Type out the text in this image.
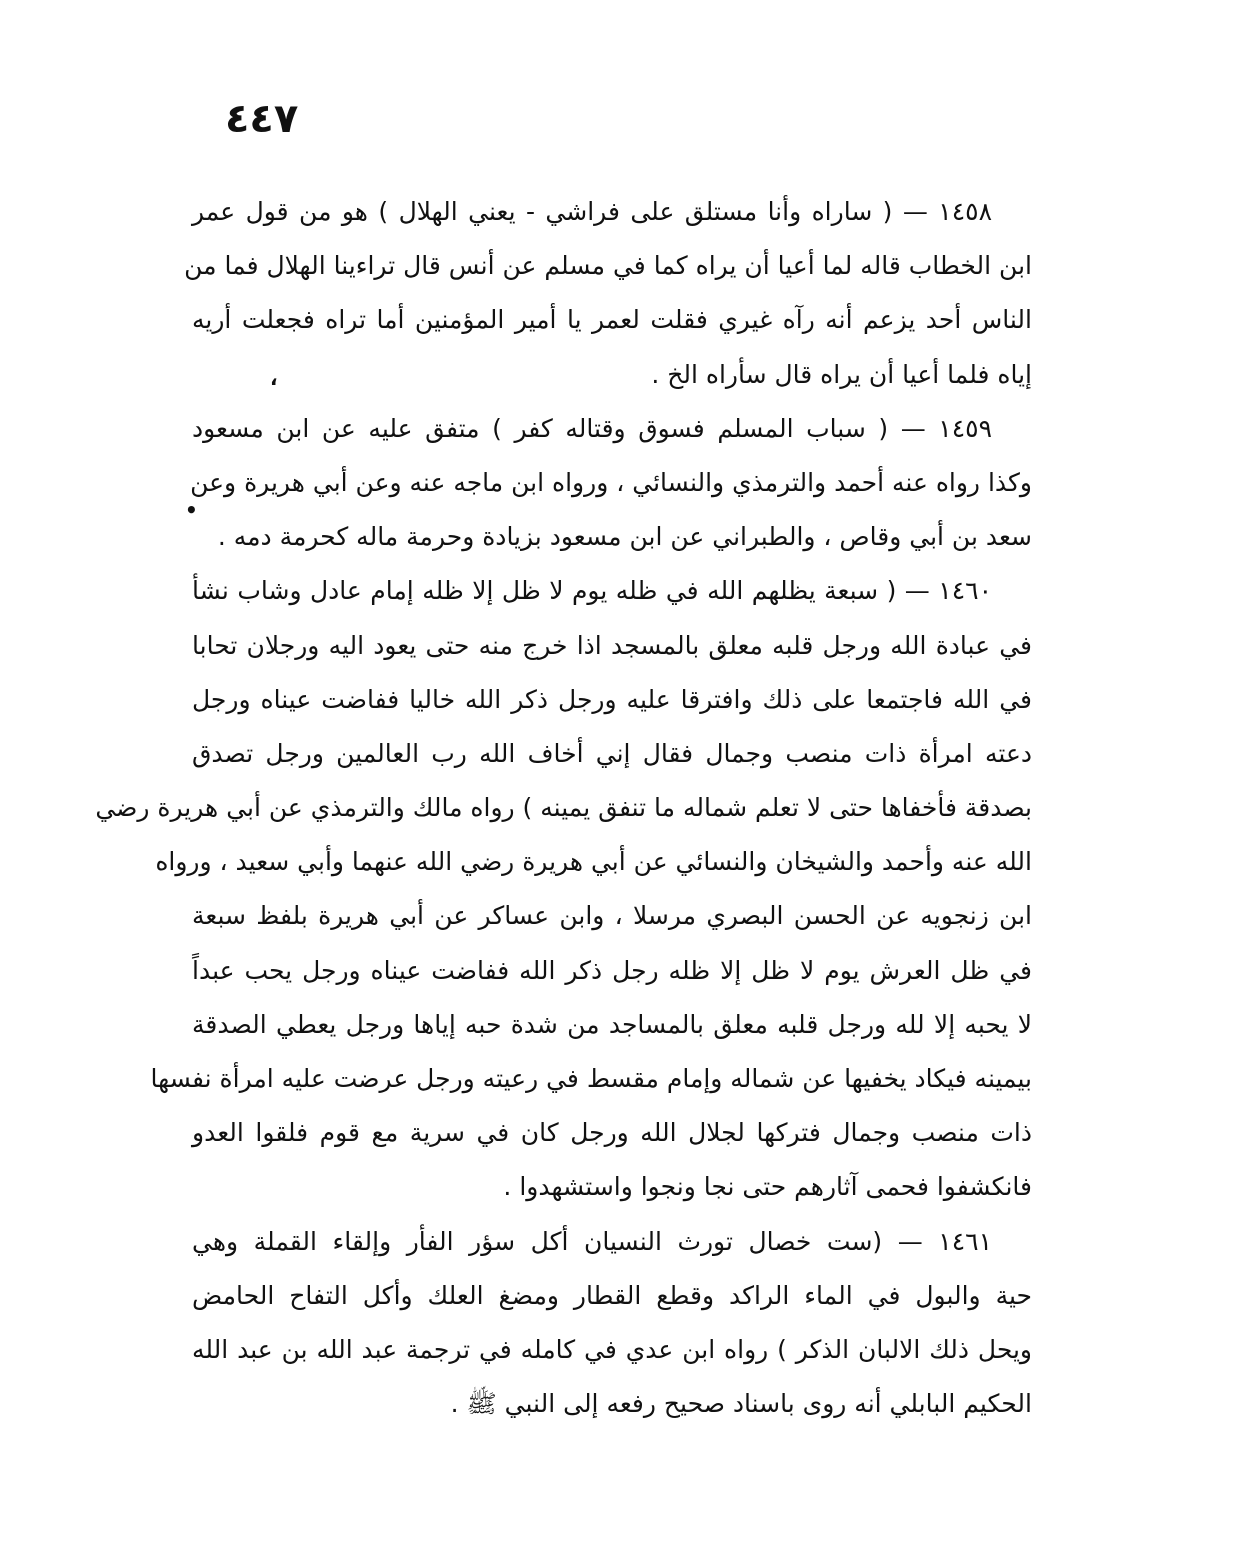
٤٤٧
،
•
١٤٥٨ — ( ساراه وأنا مستلق على فراشي - يعني الهلال ) هو من قول عمر
ابن الخطاب قاله لما أعيا أن يراه كما في مسلم عن أنس قال تراءينا الهلال فما من
الناس أحد يزعم أنه رآه غيري فقلت لعمر يا أمير المؤمنين أما تراه فجعلت أريه
إياه فلما أعيا أن يراه قال سأراه الخ .
١٤٥٩ — ( سباب المسلم فسوق وقتاله كفر ) متفق عليه عن ابن مسعود
وكذا رواه عنه أحمد والترمذي والنسائي ، ورواه ابن ماجه عنه وعن أبي هريرة وعن
سعد بن أبي وقاص ، والطبراني عن ابن مسعود بزيادة وحرمة ماله كحرمة دمه .
١٤٦٠ — ( سبعة يظلهم الله في ظله يوم لا ظل إلا ظله إمام عادل وشاب نشأ
في عبادة الله ورجل قلبه معلق بالمسجد اذا خرج منه حتى يعود اليه ورجلان تحابا
في الله فاجتمعا على ذلك وافترقا عليه ورجل ذكر الله خاليا ففاضت عيناه ورجل
دعته امرأة ذات منصب وجمال فقال إني أخاف الله رب العالمين ورجل تصدق
بصدقة فأخفاها حتى لا تعلم شماله ما تنفق يمينه ) رواه مالك والترمذي عن أبي هريرة رضي
الله عنه وأحمد والشيخان والنسائي عن أبي هريرة رضي الله عنهما وأبي سعيد ، ورواه
ابن زنجويه عن الحسن البصري مرسلا ، وابن عساكر عن أبي هريرة بلفظ سبعة
في ظل العرش يوم لا ظل إلا ظله رجل ذكر الله ففاضت عيناه ورجل يحب عبداً
لا يحبه إلا لله ورجل قلبه معلق بالمساجد من شدة حبه إياها ورجل يعطي الصدقة
بيمينه فيكاد يخفيها عن شماله وإمام مقسط في رعيته ورجل عرضت عليه امرأة نفسها
ذات منصب وجمال فتركها لجلال الله ورجل كان في سرية مع قوم فلقوا العدو
فانكشفوا فحمى آثارهم حتى نجا ونجوا واستشهدوا .
١٤٦١ — (ست خصال تورث النسيان أكل سؤر الفأر وإلقاء القملة وهي
حية والبول في الماء الراكد وقطع القطار ومضغ العلك وأكل التفاح الحامض
ويحل ذلك الالبان الذكر ) رواه ابن عدي في كامله في ترجمة عبد الله بن عبد الله
الحكيم البابلي أنه روى باسناد صحيح رفعه إلى النبي ﷺ .
